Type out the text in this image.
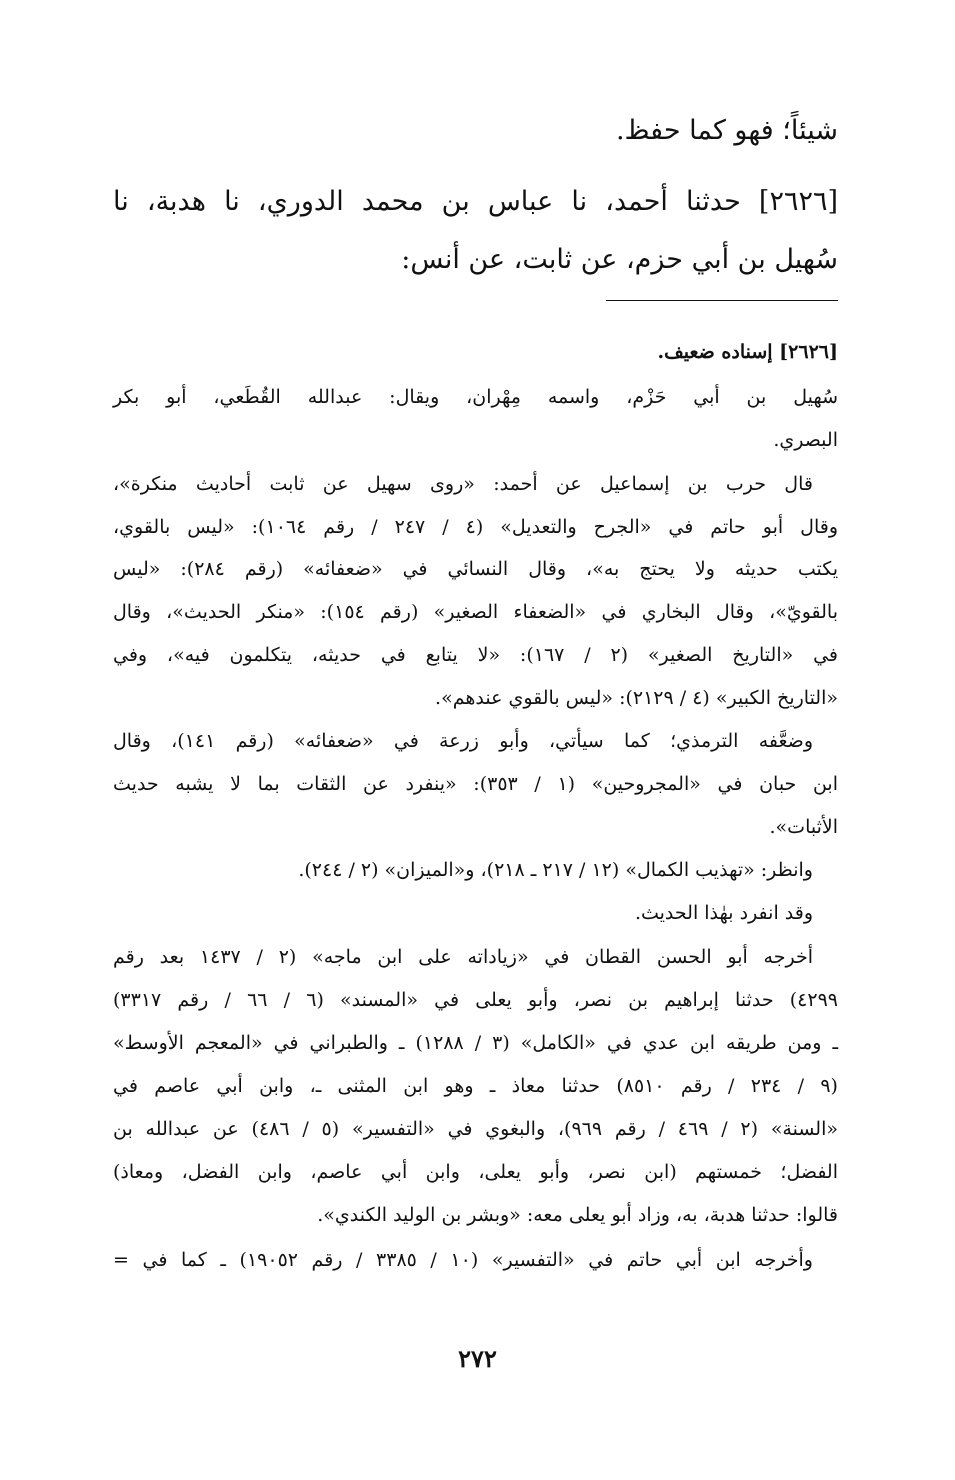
شيئاً؛ فهو كما حفظ.
[٢٦٢٦] حدثنا أحمد، نا عباس بن محمد الدوري، نا هدبة، نا
سُهيل بن أبي حزم، عن ثابت، عن أنس:
[٢٦٢٦] إسناده ضعيف.
سُهيل بن أبي حَزْم، واسمه مِهْران، ويقال: عبدالله القُطَعي، أبو بكر
البصري.
قال حرب بن إسماعيل عن أحمد: «روى سهيل عن ثابت أحاديث منكرة»،
وقال أبو حاتم في «الجرح والتعديل» (٤ / ٢٤٧ / رقم ١٠٦٤): «ليس بالقوي،
يكتب حديثه ولا يحتج به»، وقال النسائي في «ضعفائه» (رقم ٢٨٤): «ليس
بالقويّ»، وقال البخاري في «الضعفاء الصغير» (رقم ١٥٤): «منكر الحديث»، وقال
في «التاريخ الصغير» (٢ / ١٦٧): «لا يتابع في حديثه، يتكلمون فيه»، وفي
«التاريخ الكبير» (٤ / ٢١٢٩): «ليس بالقوي عندهم».
وضعَّفه الترمذي؛ كما سيأتي، وأبو زرعة في «ضعفائه» (رقم ١٤١)، وقال
ابن حبان في «المجروحين» (١ / ٣٥٣): «ينفرد عن الثقات بما لا يشبه حديث
الأثبات».
وانظر: «تهذيب الكمال» (١٢ / ٢١٧ ـ ٢١٨)، و«الميزان» (٢ / ٢٤٤).
وقد انفرد بهٰذا الحديث.
أخرجه أبو الحسن القطان في «زياداته على ابن ماجه» (٢ / ١٤٣٧ بعد رقم
٤٢٩٩) حدثنا إبراهيم بن نصر، وأبو يعلى في «المسند» (٦ / ٦٦ / رقم ٣٣١٧)
ـ ومن طريقه ابن عدي في «الكامل» (٣ / ١٢٨٨) ـ والطبراني في «المعجم الأوسط»
(٩ / ٢٣٤ / رقم ٨٥١٠) حدثنا معاذ ـ وهو ابن المثنى ـ، وابن أبي عاصم في
«السنة» (٢ / ٤٦٩ / رقم ٩٦٩)، والبغوي في «التفسير» (٥ / ٤٨٦) عن عبدالله بن
الفضل؛ خمستهم (ابن نصر، وأبو يعلى، وابن أبي عاصم، وابن الفضل، ومعاذ)
قالوا: حدثنا هدبة، به، وزاد أبو يعلى معه: «وبشر بن الوليد الكندي».
وأخرجه ابن أبي حاتم في «التفسير» (١٠ / ٣٣٨٥ / رقم ١٩٠٥٢) ـ كما في =
٢٧٢
